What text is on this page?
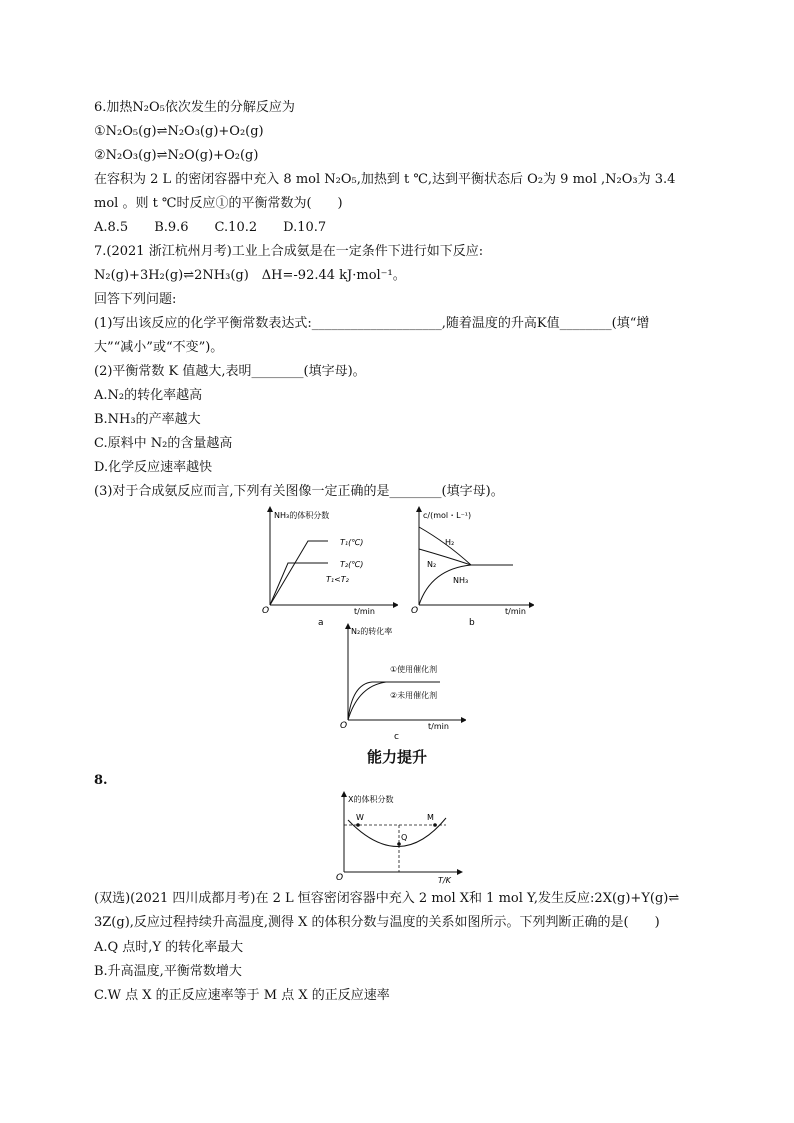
6.加热N₂O₅依次发生的分解反应为
①N₂O₅(g)⇌N₂O₃(g)+O₂(g)
②N₂O₃(g)⇌N₂O(g)+O₂(g)
在容积为 2 L 的密闭容器中充入 8 mol N₂O₅,加热到 t ℃,达到平衡状态后 O₂为 9 mol ,N₂O₃为 3.4
mol 。则 t ℃时反应①的平衡常数为(　　)
A.8.5　　B.9.6　　C.10.2　　D.10.7
7.(2021 浙江杭州月考)工业上合成氨是在一定条件下进行如下反应:
N₂(g)+3H₂(g)⇌2NH₃(g)　ΔH=-92.44 kJ·mol⁻¹。
回答下列问题:
(1)写出该反应的化学平衡常数表达式:____________________,随着温度的升高K值________(填“增
大”“减小”或“不变”)。
(2)平衡常数 K 值越大,表明________(填字母)。
A.N₂的转化率越高
B.NH₃的产率越大
C.原料中 N₂的含量越高
D.化学反应速率越快
(3)对于合成氨反应而言,下列有关图像一定正确的是________(填字母)。
NH₃的体积分数
T₁(℃)
T₂(℃)
T₁<T₂
O	t/min
a
c/(mol・L⁻¹)
H₂
N₂
NH₃
O	t/min
b
N₂的转化率
①使用催化剂
②未用催化剂
O	t/min
c
能力提升
8.
X的体积分数
W
Q
M
O	T/K
(双选)(2021 四川成都月考)在 2 L 恒容密闭容器中充入 2 mol X和 1 mol Y,发生反应:2X(g)+Y(g)⇌
3Z(g),反应过程持续升高温度,测得 X 的体积分数与温度的关系如图所示。下列判断正确的是(　　)
A.Q 点时,Y 的转化率最大
B.升高温度,平衡常数增大
C.W 点 X 的正反应速率等于 M 点 X 的正反应速率
